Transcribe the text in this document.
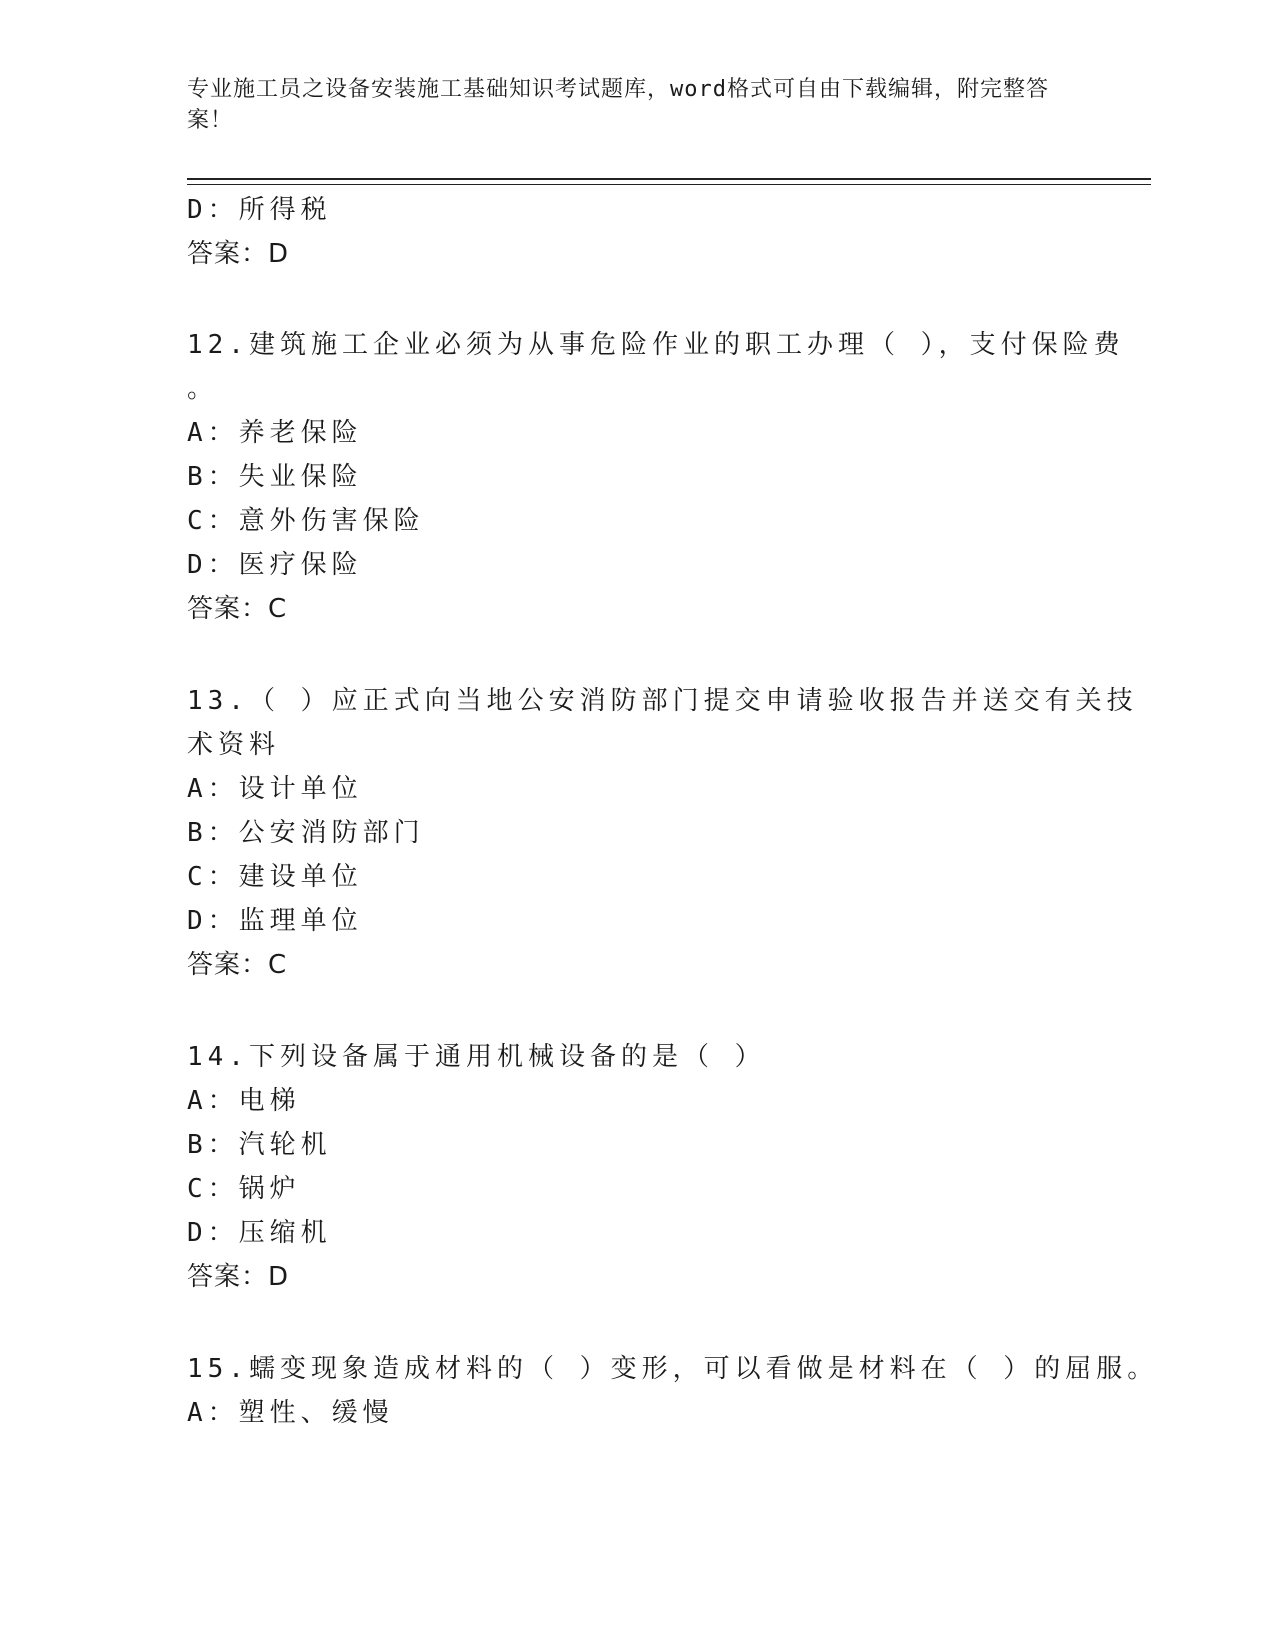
专业施工员之设备安装施工基础知识考试题库，word格式可自由下载编辑，附完整答案！
D：所得税
答案：D
12.建筑施工企业必须为从事危险作业的职工办理（ ），支付保险费
。
A：养老保险
B：失业保险
C：意外伤害保险
D：医疗保险
答案：C
13.（ ）应正式向当地公安消防部门提交申请验收报告并送交有关技
术资料
A：设计单位
B：公安消防部门
C：建设单位
D：监理单位
答案：C
14.下列设备属于通用机械设备的是（ ）
A：电梯
B：汽轮机
C：锅炉
D：压缩机
答案：D
15.蠕变现象造成材料的（ ）变形，可以看做是材料在（ ）的屈服。
A：塑性、缓慢
